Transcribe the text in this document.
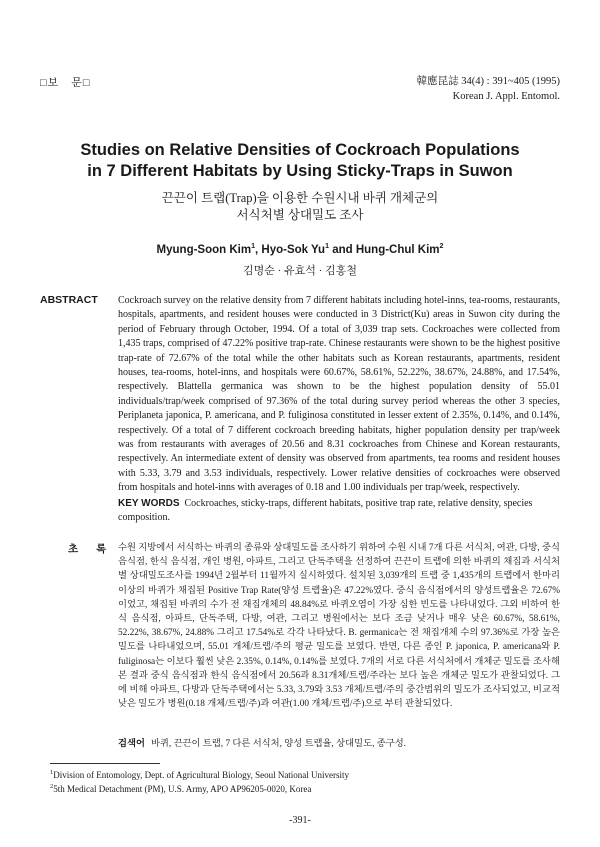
□보　문□	韓應昆誌 34(4) : 391~405 (1995)
Korean J. Appl. Entomol.
Studies on Relative Densities of Cockroach Populations
in 7 Different Habitats by Using Sticky-Traps in Suwon
끈끈이 트랩(Trap)을 이용한 수원시내 바퀴 개체군의
서식처별 상대밀도 조사
Myung-Soon Kim$^1$, Hyo-Sok Yu$^1$ and Hung-Chul Kim$^2$
김명순 · 유효석 · 김홍철
ABSTRACT Cockroach survey on the relative density from 7 different habitats including hotel-inns, tea-rooms, restaurants, hospitals, apartments, and resident houses were conducted in 3 District(Ku) areas in Suwon city during the period of February through October, 1994. Of a total of 3,039 trap sets. Cockroaches were collected from 1,435 traps, comprised of 47.22% positive trap-rate. Chinese restaurants were shown to be the highest positive trap-rate of 72.67% of the total while the other habitats such as Korean restaurants, apartments, resident houses, tea-rooms, hotel-inns, and hospitals were 60.67%, 58.61%, 52.22%, 38.67%, 24.88%, and 17.54%, respectively. Blattella germanica was shown to be the highest population density of 55.01 individuals/trap/week comprised of 97.36% of the total during survey period whereas the other 3 species, Periplaneta japonica, P. americana, and P. fuliginosa constituted in lesser extent of 2.35%, 0.14%, and 0.14%, respectively. Of a total of 7 different cockroach breeding habitats, higher population density per trap/week was from restaurants with averages of 20.56 and 8.31 cockroaches from Chinese and Korean restaurants, respectively. An intermediate extent of density was observed from apartments, tea rooms and resident houses with 5.33, 3.79 and 3.53 individuals, respectively. Lower relative densities of cockroaches were observed from hospitals and hotel-inns with averages of 0.18 and 1.00 individuals per trap/week, respectively.
KEY WORDS Cockroaches, sticky-traps, different habitats, positive trap rate, relative density, species composition.
초록
수원 지방에서 서식하는 바퀴의 종류와 상대밀도를 조사하기 위하여 수원 시내 7개 다른 서식처, 여관, 다방, 중식 음식점, 한식 음식점, 개인 병원, 아파트, 그리고 단독주택을 선정하여 끈끈이 트랩에 의한 바퀴의 채집과 서식처별 상대밀도조사를 1994년 2월부터 11월까지 실시하였다. 설치된 3,039개의 트랩 중 1,435개의 트랩에서 한마리 이상의 바퀴가 채집된 Positive Trap Rate(양성 트랩율)은 47.22%였다. 중식 음식점에서의 양성트랩율은 72.67%이었고, 채집된 바퀴의 수가 전 채집개체의 48.84%로 바퀴오염이 가장 심한 빈도를 나타내었다. 그외 비하여 한식 음식점, 아파트, 단독주택, 다방, 여관, 그리고 병원에서는 보다 조금 낮거나 매우 낮은 60.67%, 58.61%, 52.22%, 38.67%, 24.88% 그리고 17.54%로 각각 나타났다. B. germanica는 전 채집개체 수의 97.36%로 가장 높은 밀도를 나타내었으며, 55.01 개체/트랩/주의 평균 밀도를 보였다. 반면, 다른 종인 P. japonica, P. americana와 P. fuliginosa는 이보다 훨씬 낮은 2.35%, 0.14%, 0.14%를 보였다. 7개의 서로 다른 서식처에서 개체군 밀도를 조사해 본 결과 중식 음식점과 한식 음식점에서 20.56과 8.31개체/트랩/주라는 보다 높은 개체군 밀도가 관찰되었다. 그에 비해 아파트, 다방과 단독주택에서는 5.33, 3.79와 3.53 개체/트랩/주의 중간범위의 밀도가 조사되었고, 비교적 낮은 밀도가 병원(0.18 개체/트랩/주)과 여관(1.00 개체/트랩/주)으로 부터 관찰되었다.
검색어 바퀴, 끈끈이 트랩, 7 다른 서식처, 양성 트랩율, 상대밀도, 종구성.
$^1$Division of Entomology, Dept. of Agricultural Biology, Seoul National University
$^2$5th Medical Detachment (PM), U.S. Army, APO AP96205-0020, Korea
-391-
